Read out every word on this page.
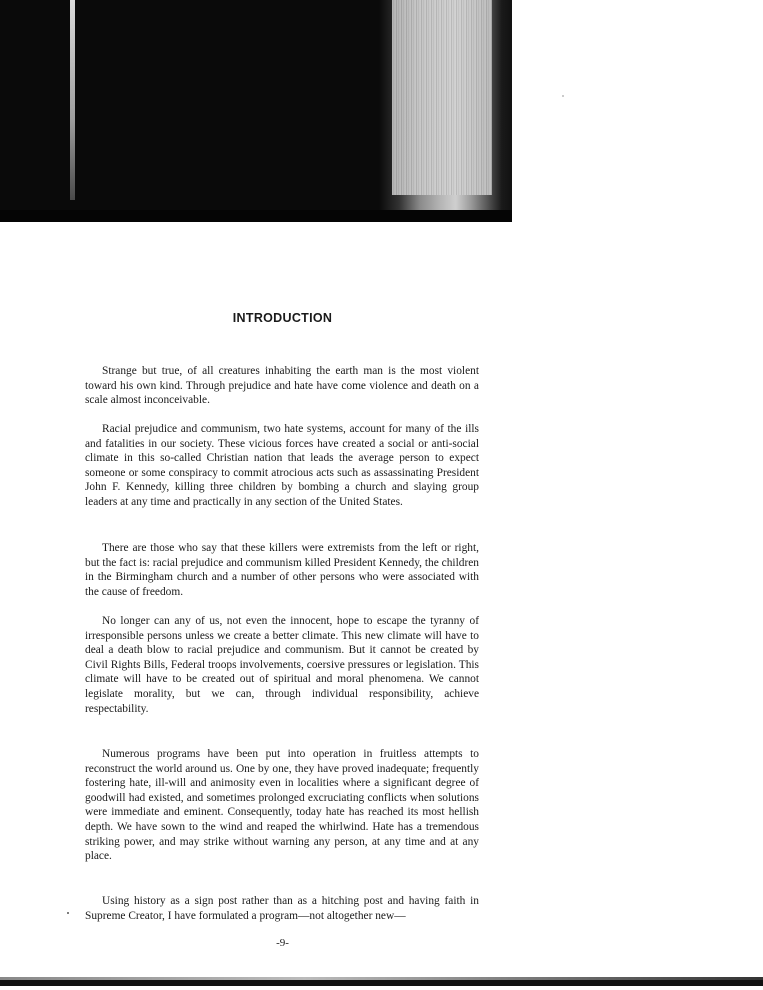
INTRODUCTION

Strange but true, of all creatures inhabiting the earth man is the most violent toward his own kind. Through prejudice and hate have come violence and death on a scale almost inconceivable.

Racial prejudice and communism, two hate systems, account for many of the ills and fatalities in our society. These vicious forces have created a social or anti-social climate in this so-called Christian nation that leads the average person to expect someone or some conspiracy to commit atrocious acts such as assassinating President John F. Kennedy, killing three children by bombing a church and slaying group leaders at any time and practically in any section of the United States.

There are those who say that these killers were extremists from the left or right, but the fact is: racial prejudice and communism killed President Kennedy, the children in the Birmingham church and a number of other persons who were associated with the cause of freedom.

No longer can any of us, not even the innocent, hope to escape the tyranny of irresponsible persons unless we create a better climate. This new climate will have to deal a death blow to racial prejudice and communism. But it cannot be created by Civil Rights Bills, Federal troops involvements, coersive pressures or legislation. This climate will have to be created out of spiritual and moral phenomena. We cannot legislate morality, but we can, through individual responsibility, achieve respectability.

Numerous programs have been put into operation in fruitless attempts to reconstruct the world around us. One by one, they have proved inadequate; frequently fostering hate, ill-will and animosity even in localities where a significant degree of goodwill had existed, and sometimes prolonged excruciating conflicts when solutions were immediate and eminent. Consequently, today hate has reached its most hellish depth. We have sown to the wind and reaped the whirlwind. Hate has a tremendous striking power, and may strike without warning any person, at any time and at any place.

Using history as a sign post rather than as a hitching post and having faith in Supreme Creator, I have formulated a program—not altogether new—

-9-
